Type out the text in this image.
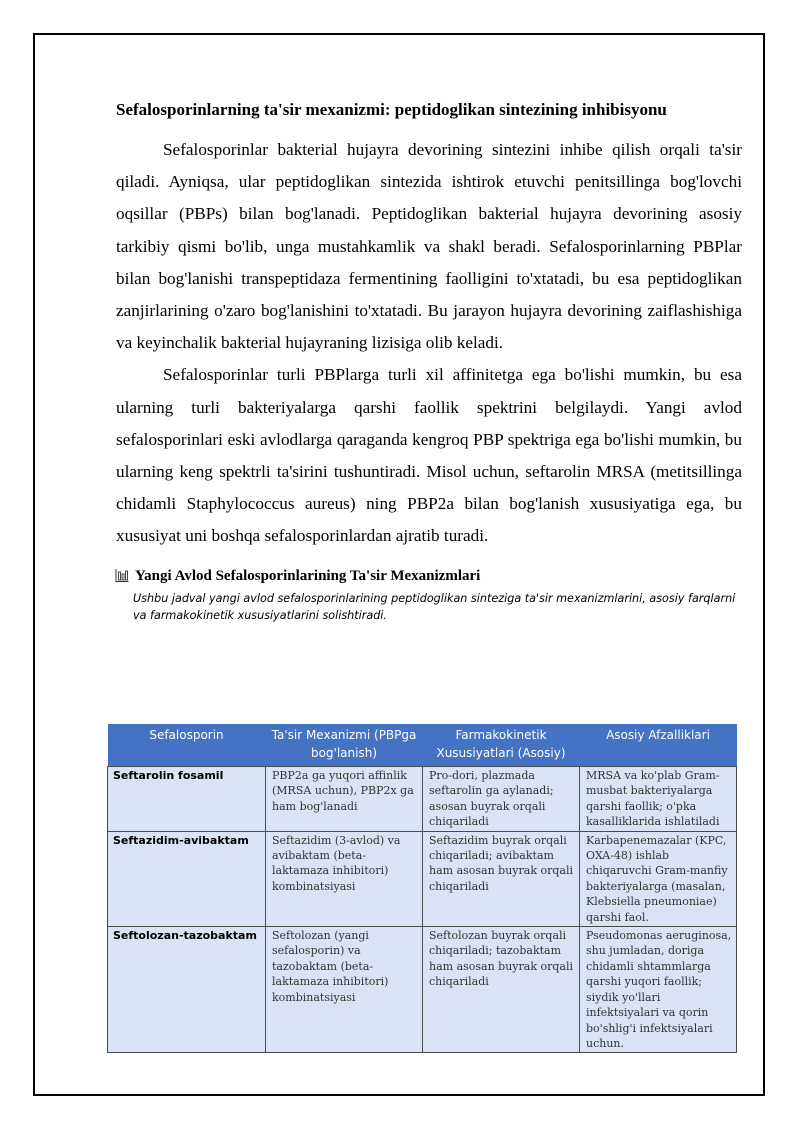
Sefalosporinlarning ta'sir mexanizmi: peptidoglikan sintezining inhibisyonu

Sefalosporinlar bakterial hujayra devorining sintezini inhibe qilish orqali ta'sir qiladi. Ayniqsa, ular peptidoglikan sintezida ishtirok etuvchi penitsillinga bog'lovchi oqsillar (PBPs) bilan bog'lanadi. Peptidoglikan bakterial hujayra devorining asosiy tarkibiy qismi bo'lib, unga mustahkamlik va shakl beradi. Sefalosporinlarning PBPlar bilan bog'lanishi transpeptidaza fermentining faolligini to'xtatadi, bu esa peptidoglikan zanjirlarining o'zaro bog'lanishini to'xtatadi. Bu jarayon hujayra devorining zaiflashishiga va keyinchalik bakterial hujayraning lizisiga olib keladi.

Sefalosporinlar turli PBPlarga turli xil affinitetga ega bo'lishi mumkin, bu esa ularning turli bakteriyalarga qarshi faollik spektrini belgilaydi. Yangi avlod sefalosporinlari eski avlodlarga qaraganda kengroq PBP spektriga ega bo'lishi mumkin, bu ularning keng spektrli ta'sirini tushuntiradi. Misol uchun, seftarolin MRSA (metitsillinga chidamli Staphylococcus aureus) ning PBP2a bilan bog'lanish xususiyatiga ega, bu xususiyat uni boshqa sefalosporinlardan ajratib turadi.

Yangi Avlod Sefalosporinlarining Ta'sir Mexanizmlari

Ushbu jadval yangi avlod sefalosporinlarining peptidoglikan sinteziga ta'sir mexanizmlarini, asosiy farqlarni va farmakokinetik xususiyatlarini solishtiradi.

Sefalosporin	Ta'sir Mexanizmi (PBPga bog'lanish)	Farmakokinetik Xususiyatlari (Asosiy)	Asosiy Afzalliklari
Seftarolin fosamil	PBP2a ga yuqori affinlik (MRSA uchun), PBP2x ga ham bog'lanadi	Pro-dori, plazmada seftarolin ga aylanadi; asosan buyrak orqali chiqariladi	MRSA va ko'plab Gram-musbat bakteriyalarga qarshi faollik; o'pka kasalliklarida ishlatiladi
Seftazidim-avibaktam	Seftazidim (3-avlod) va avibaktam (beta-laktamaza inhibitori) kombinatsiyasi	Seftazidim buyrak orqali chiqariladi; avibaktam ham asosan buyrak orqali chiqariladi	Karbapenemazalar (KPC, OXA-48) ishlab chiqaruvchi Gram-manfiy bakteriyalarga (masalan, Klebsiella pneumoniae) qarshi faol.
Seftolozan-tazobaktam	Seftolozan (yangi sefalosporin) va tazobaktam (beta-laktamaza inhibitori) kombinatsiyasi	Seftolozan buyrak orqali chiqariladi; tazobaktam ham asosan buyrak orqali chiqariladi	Pseudomonas aeruginosa, shu jumladan, doriga chidamli shtammlarga qarshi yuqori faollik; siydik yo'llari infektsiyalari va qorin bo'shlig'i infektsiyalari uchun.
